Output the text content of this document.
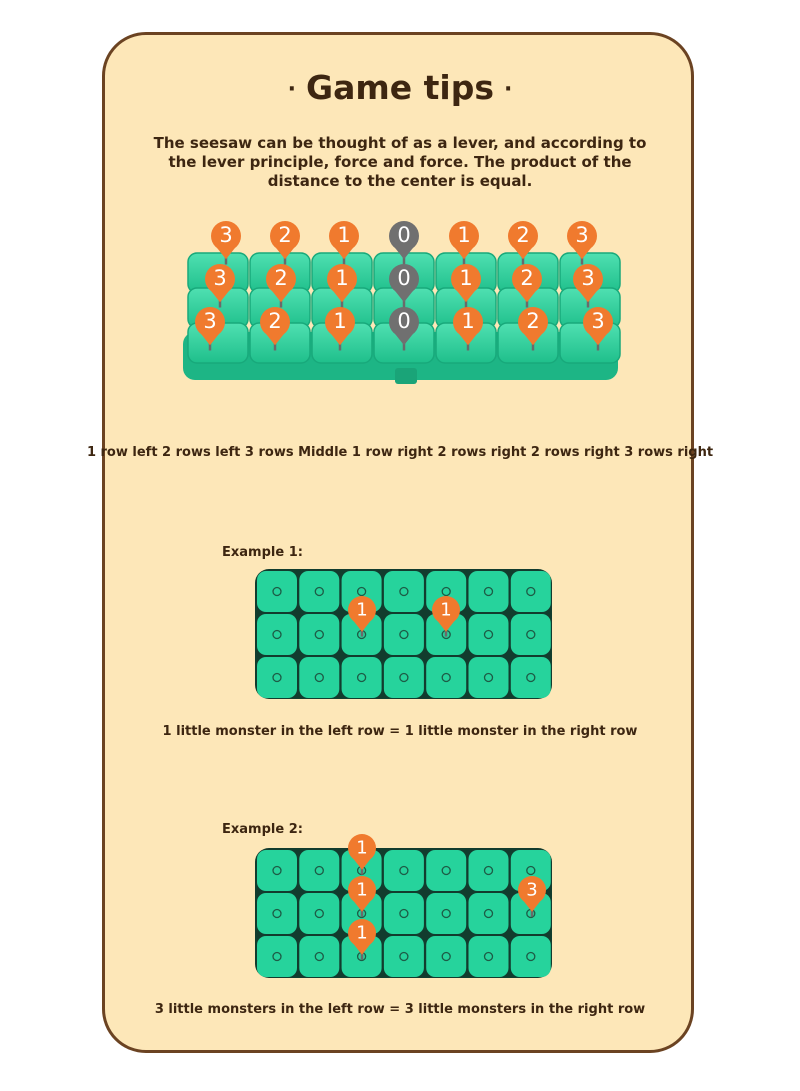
· Game tips ·
The seesaw can be thought of as a lever, and according to the lever principle, force and force. The product of the distance to the center is equal.
3 2 1 0 1 2 3
3 2 1 0 1 2 3
3 2 1 0 1 2 3
1	1
1
1
1
3
1 row left 2 rows left 3 rows Middle 1 row right 2 rows right 2 rows right 3 rows right
Example 1:
1 little monster in the left row = 1 little monster in the right row
Example 2:
3 little monsters in the left row = 3 little monsters in the right row
